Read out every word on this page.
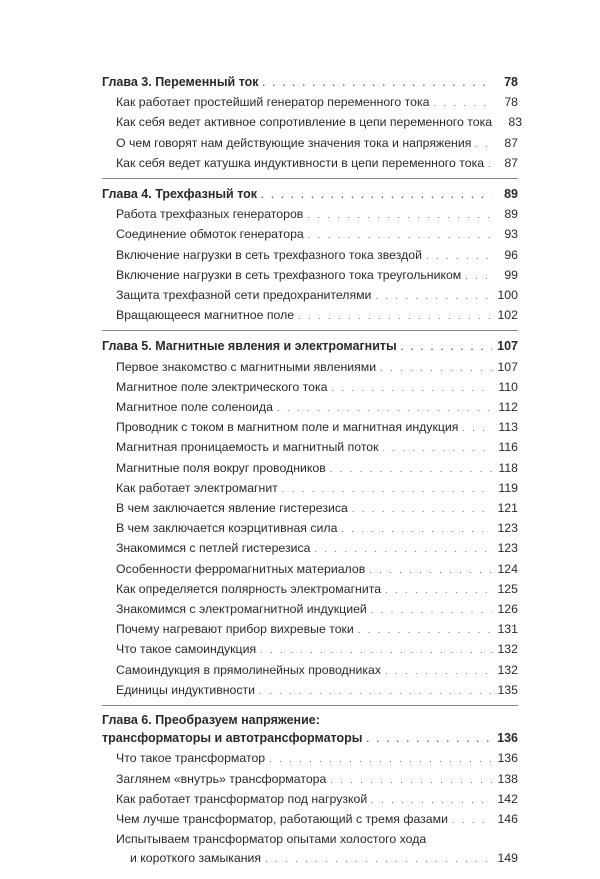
Глава 3. Переменный ток . . .	78
Как работает простейший генератор переменного тока . . .	78
Как себя ведет активное сопротивление в цепи переменного тока	83
О чем говорят нам действующие значения тока и напряжения . . .	87
Как себя ведет катушка индуктивности в цепи переменного тока . . .	87
Глава 4. Трехфазный ток . . .	89
Работа трехфазных генераторов . . .	89
Соединение обмоток генератора . . .	93
Включение нагрузки в сеть трехфазного тока звездой . . .	96
Включение нагрузки в сеть трехфазного тока треугольником . . .	99
Защита трехфазной сети предохранителями . . .	100
Вращающееся магнитное поле . . .	102
Глава 5. Магнитные явления и электромагниты . . .	107
Первое знакомство с магнитными явлениями . . .	107
Магнитное поле электрического тока . . .	110
Магнитное поле соленоида . . .	112
Проводник с током в магнитном поле и магнитная индукция . . .	113
Магнитная проницаемость и магнитный поток . . .	116
Магнитные поля вокруг проводников . . .	118
Как работает электромагнит . . .	119
В чем заключается явление гистерезиса . . .	121
В чем заключается коэрцитивная сила . . .	123
Знакомимся с петлей гистерезиса . . .	123
Особенности ферромагнитных материалов . . .	124
Как определяется полярность электромагнита . . .	125
Знакомимся с электромагнитной индукцией . . .	126
Почему нагревают прибор вихревые токи . . .	131
Что такое самоиндукция . . .	132
Самоиндукция в прямолинейных проводниках . . .	132
Единицы индуктивности . . .	135
Глава 6. Преобразуем напряжение:
трансформаторы и автотрансформаторы . . .	136
Что такое трансформатор . . .	136
Заглянем «внутрь» трансформатора . . .	138
Как работает трансформатор под нагрузкой . . .	142
Чем лучше трансформатор, работающий с тремя фазами . . .	146
Испытываем трансформатор опытами холостого хода
и короткого замыкания . . .	149
